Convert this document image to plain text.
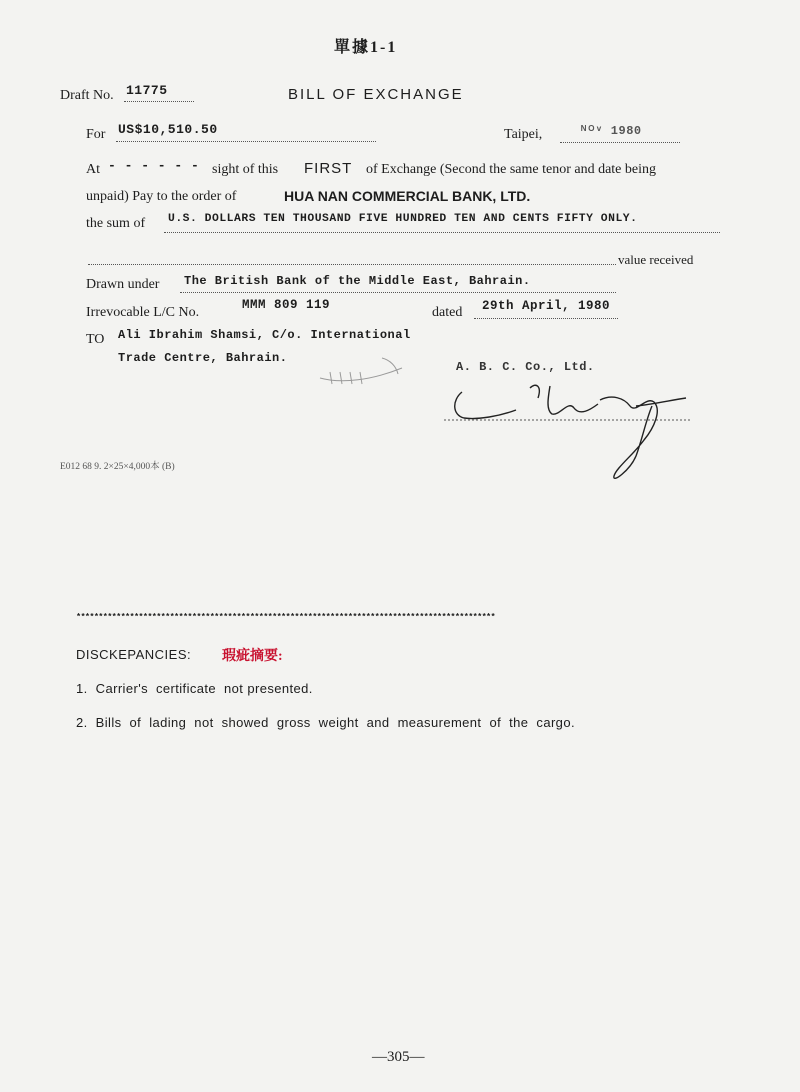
單據1-1
Draft No. 11775	BILL OF EXCHANGE
For US$10,510.50	Taipei,	ᴺᴼᵛ 1980
At - - - - - - sight of this FIRST of Exchange (Second the same tenor and date being
unpaid) Pay to the order of	HUA NAN COMMERCIAL BANK, LTD.
the sum of U.S. DOLLARS TEN THOUSAND FIVE HUNDRED TEN AND CENTS FIFTY ONLY.
value received
Drawn under The British Bank of the Middle East, Bahrain.
Irrevocable L/C No.	MMM 809 119	dated 29th April, 1980
TO Ali Ibrahim Shamsi, C/o. International
Trade Centre, Bahrain.
A. B. C. Co., Ltd.
E012 68 9. 2×25×4,000本 (B)
**********************************************************************************************
DISCKEPANCIES: 瑕疵摘要:
1.  Carrier's  certificate  not presented.
2.  Bills  of  lading  not  showed  gross  weight  and  measurement  of  the  cargo.
—305—
